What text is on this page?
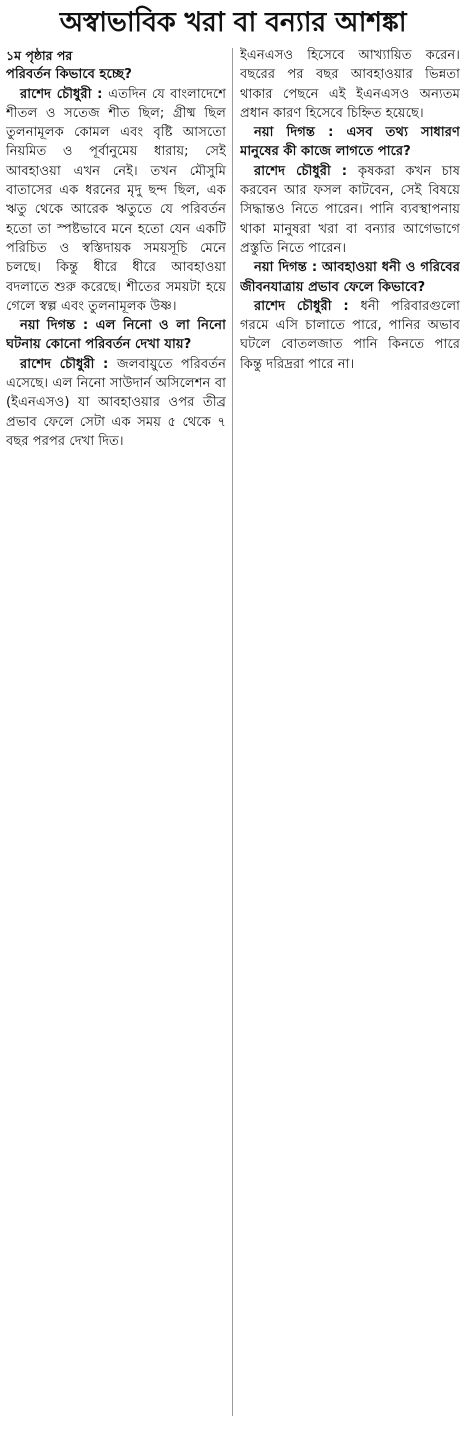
অস্বাভাবিক খরা বা বন্যার আশঙ্কা

১ম পৃষ্ঠার পর

পরিবর্তন কিভাবে হচ্ছে?

রাশেদ চৌধুরী : এতদিন যে বাংলাদেশে শীতল ও সতেজ শীত ছিল; গ্রীষ্ম ছিল তুলনামূলক কোমল এবং বৃষ্টি আসতো নিয়মিত ও পূর্বানুমেয় ধারায়; সেই আবহাওয়া এখন নেই। তখন মৌসুমি বাতাসের এক ধরনের মৃদু ছন্দ ছিল, এক ঋতু থেকে আরেক ঋতুতে যে পরিবর্তন হতো তা স্পষ্টভাবে মনে হতো যেন একটি পরিচিত ও স্বস্তিদায়ক সময়সূচি মেনে চলছে। কিন্তু ধীরে ধীরে আবহাওয়া বদলাতে শুরু করেছে। শীতের সময়টা হয়ে গেলে স্বল্প এবং তুলনামূলক উষ্ণ।

নয়া দিগন্ত : এল নিনো ও লা নিনো ঘটনায় কোনো পরিবর্তন দেখা যায়?

রাশেদ চৌধুরী : জলবায়ুতে পরিবর্তন এসেছে। এল নিনো সাউদার্ন অসিলেশন বা (ইএনএসও) যা আবহাওয়ার ওপর তীব্র প্রভাব ফেলে সেটা এক সময় ৫ থেকে ৭ বছর পরপর দেখা দিত।

ইএনএসও হিসেবে আখ্যায়িত করেন। বছরের পর বছর আবহাওয়ার ভিন্নতা থাকার পেছনে এই ইএনএসও অন্যতম প্রধান কারণ হিসেবে চিহ্নিত হয়েছে।

নয়া দিগন্ত : এসব তথ্য সাধারণ মানুষের কী কাজে লাগতে পারে?

রাশেদ চৌধুরী : কৃষকরা কখন চাষ করবেন আর ফসল কাটবেন, সেই বিষয়ে সিদ্ধান্তও নিতে পারেন। পানি ব্যবস্থাপনায় থাকা মানুষরা খরা বা বন্যার আগেভাগে প্রস্তুতি নিতে পারেন।

নয়া দিগন্ত : আবহাওয়া ধনী ও গরিবের জীবনযাত্রায় প্রভাব ফেলে কিভাবে?

রাশেদ চৌধুরী : ধনী পরিবারগুলো গরমে এসি চালাতে পারে, পানির অভাব ঘটলে বোতলজাত পানি কিনতে পারে কিন্তু দরিদ্ররা পারে না।
